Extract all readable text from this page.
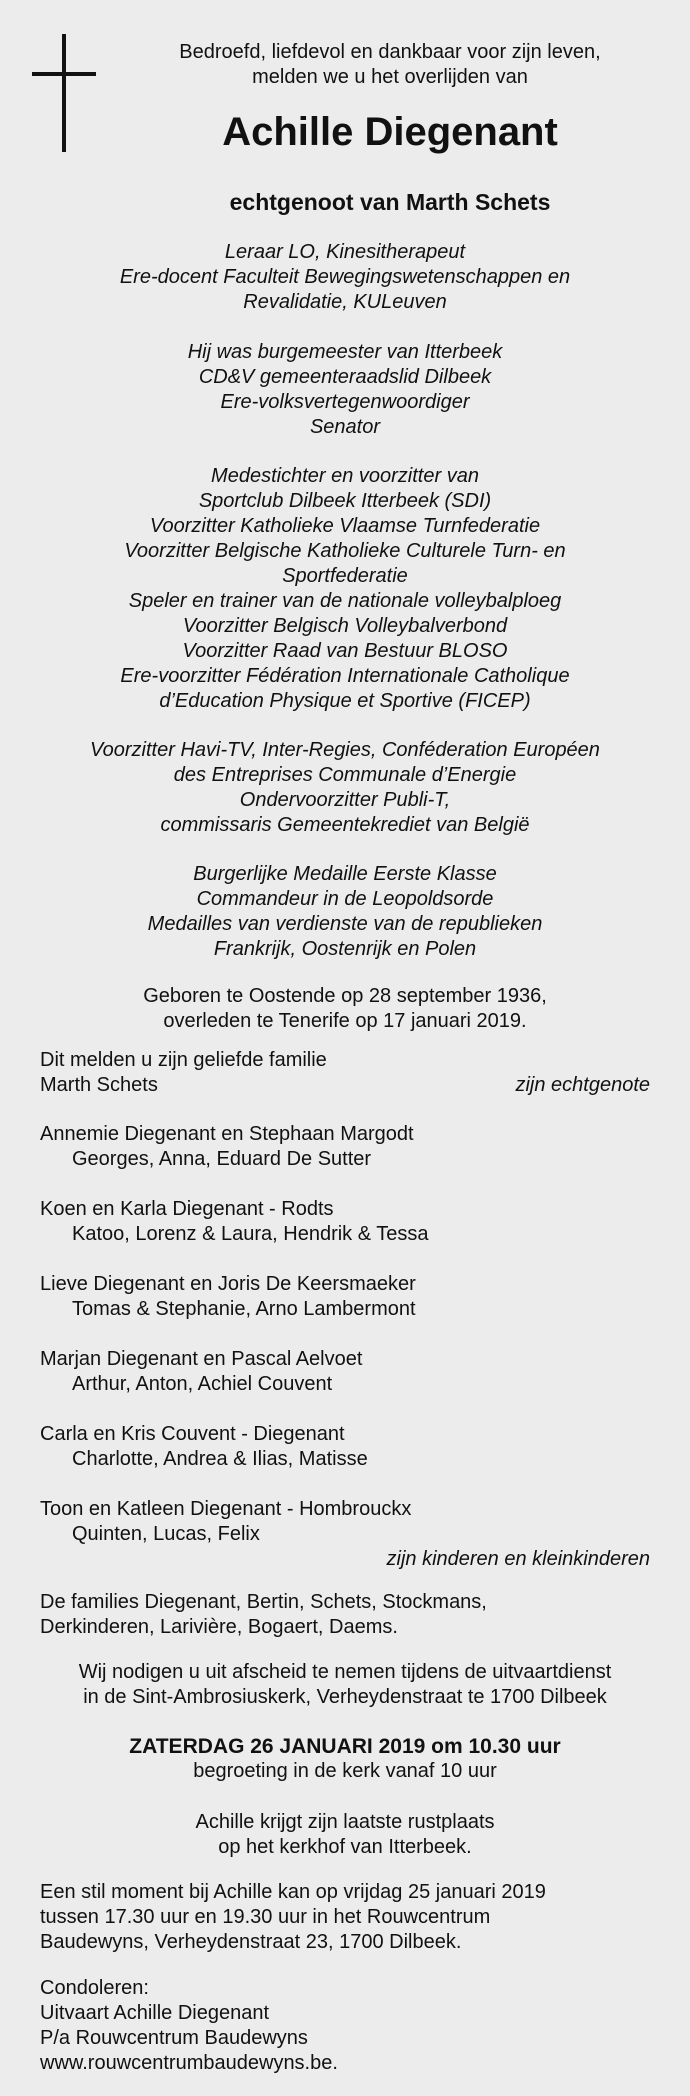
Bedroefd, liefdevol en dankbaar voor zijn leven,
melden we u het overlijden van
Achille Diegenant
echtgenoot van Marth Schets
Leraar LO, Kinesitherapeut
Ere-docent Faculteit Bewegingswetenschappen en
Revalidatie, KULeuven
Hij was burgemeester van Itterbeek
CD&V gemeenteraadslid Dilbeek
Ere-volksvertegenwoordiger
Senator
Medestichter en voorzitter van
Sportclub Dilbeek Itterbeek (SDI)
Voorzitter Katholieke Vlaamse Turnfederatie
Voorzitter Belgische Katholieke Culturele Turn- en
Sportfederatie
Speler en trainer van de nationale volleybalploeg
Voorzitter Belgisch Volleybalverbond
Voorzitter Raad van Bestuur BLOSO
Ere-voorzitter Fédération Internationale Catholique
d’Education Physique et Sportive (FICEP)
Voorzitter Havi-TV, Inter-Regies, Conféderation Européen
des Entreprises Communale d’Energie
Ondervoorzitter Publi-T,
commissaris Gemeentekrediet van België
Burgerlijke Medaille Eerste Klasse
Commandeur in de Leopoldsorde
Medailles van verdienste van de republieken
Frankrijk, Oostenrijk en Polen
Geboren te Oostende op 28 september 1936,
overleden te Tenerife op 17 januari 2019.
Dit melden u zijn geliefde familie
Marth Schets	zijn echtgenote
Annemie Diegenant en Stephaan Margodt
Georges, Anna, Eduard De Sutter
Koen en Karla Diegenant - Rodts
Katoo, Lorenz & Laura, Hendrik & Tessa
Lieve Diegenant en Joris De Keersmaeker
Tomas & Stephanie, Arno Lambermont
Marjan Diegenant en Pascal Aelvoet
Arthur, Anton, Achiel Couvent
Carla en Kris Couvent - Diegenant
Charlotte, Andrea & Ilias, Matisse
Toon en Katleen Diegenant - Hombrouckx
Quinten, Lucas, Felix
zijn kinderen en kleinkinderen
De families Diegenant, Bertin, Schets, Stockmans,
Derkinderen, Larivière, Bogaert, Daems.
Wij nodigen u uit afscheid te nemen tijdens de uitvaartdienst
in de Sint-Ambrosiuskerk, Verheydenstraat te 1700 Dilbeek
ZATERDAG 26 JANUARI 2019 om 10.30 uur
begroeting in de kerk vanaf 10 uur
Achille krijgt zijn laatste rustplaats
op het kerkhof van Itterbeek.
Een stil moment bij Achille kan op vrijdag 25 januari 2019
tussen 17.30 uur en 19.30 uur in het Rouwcentrum
Baudewyns, Verheydenstraat 23, 1700 Dilbeek.
Condoleren:
Uitvaart Achille Diegenant
P/a Rouwcentrum Baudewyns
www.rouwcentrumbaudewyns.be.
